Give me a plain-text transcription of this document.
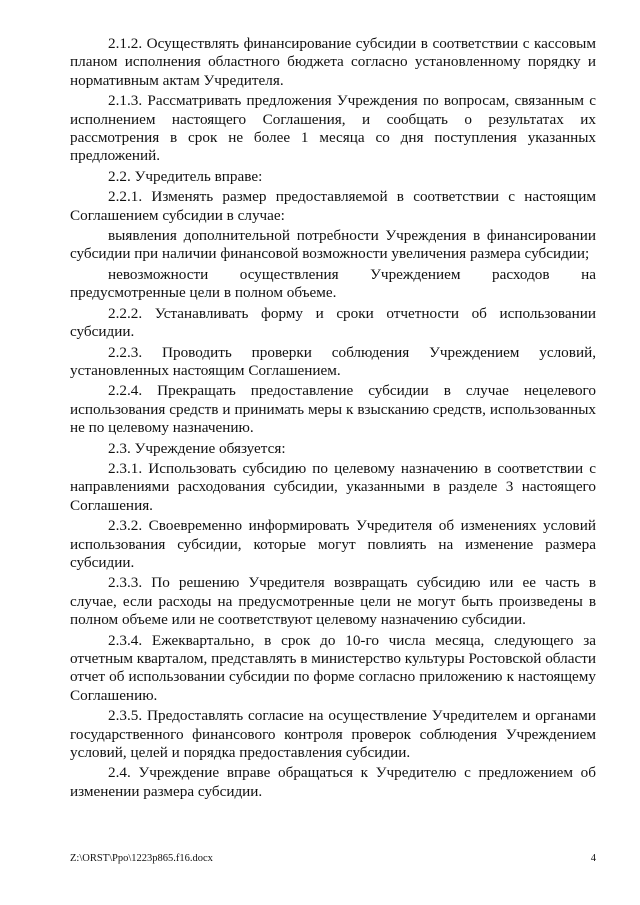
2.1.2. Осуществлять финансирование субсидии в соответствии с кассовым планом исполнения областного бюджета согласно установленному порядку и нормативным актам Учредителя.

2.1.3. Рассматривать предложения Учреждения по вопросам, связанным с исполнением настоящего Соглашения, и сообщать о результатах их рассмотрения в срок не более 1 месяца со дня поступления указанных предложений.

2.2. Учредитель вправе:

2.2.1. Изменять размер предоставляемой в соответствии с настоящим Соглашением субсидии в случае:

выявления дополнительной потребности Учреждения в финансировании субсидии при наличии финансовой возможности увеличения размера субсидии;

невозможности осуществления Учреждением расходов на предусмотренные цели в полном объеме.

2.2.2. Устанавливать форму и сроки отчетности об использовании субсидии.

2.2.3. Проводить проверки соблюдения Учреждением условий, установленных настоящим Соглашением.

2.2.4. Прекращать предоставление субсидии в случае нецелевого использования средств и принимать меры к взысканию средств, использованных не по целевому назначению.

2.3. Учреждение обязуется:

2.3.1. Использовать субсидию по целевому назначению в соответствии с направлениями расходования субсидии, указанными в разделе 3 настоящего Соглашения.

2.3.2. Своевременно информировать Учредителя об изменениях условий использования субсидии, которые могут повлиять на изменение размера субсидии.

2.3.3. По решению Учредителя возвращать субсидию или ее часть в случае, если расходы на предусмотренные цели не могут быть произведены в полном объеме или не соответствуют целевому назначению субсидии.

2.3.4. Ежеквартально, в срок до 10-го числа месяца, следующего за отчетным кварталом, представлять в министерство культуры Ростовской области отчет об использовании субсидии по форме согласно приложению к настоящему Соглашению.

2.3.5. Предоставлять согласие на осуществление Учредителем и органами государственного финансового контроля проверок соблюдения Учреждением условий, целей и порядка предоставления субсидии.

2.4. Учреждение вправе обращаться к Учредителю с предложением об изменении размера субсидии.

Z:\ORST\Ppo\1223p865.f16.docx	4
